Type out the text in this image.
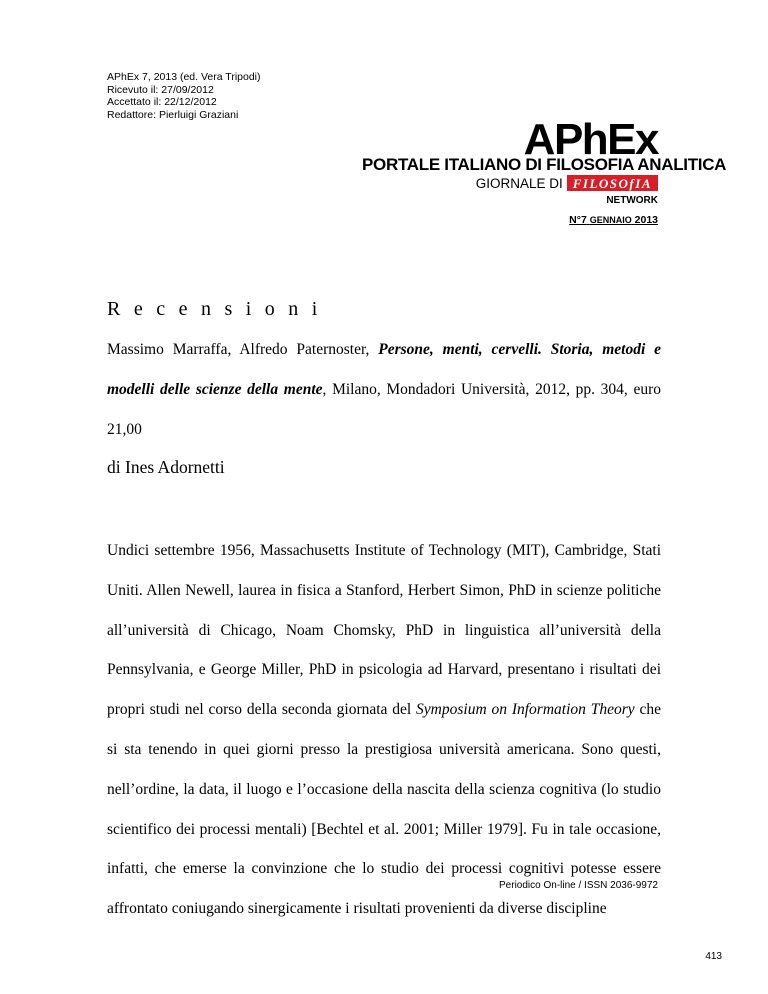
APhEx 7, 2013 (ed. Vera Tripodi)
Ricevuto il: 27/09/2012
Accettato il: 22/12/2012
Redattore: Pierluigi Graziani
APhEx
PORTALE ITALIANO DI FILOSOFIA ANALITICA
GIORNALE DI FILOSOfIA
NETWORK
N°7 GENNAIO 2013
Recensioni
Massimo Marraffa, Alfredo Paternoster, Persone, menti, cervelli. Storia, metodi e modelli delle scienze della mente, Milano, Mondadori Università, 2012, pp. 304, euro 21,00
di Ines Adornetti
Undici settembre 1956, Massachusetts Institute of Technology (MIT), Cambridge, Stati Uniti. Allen Newell, laurea in fisica a Stanford, Herbert Simon, PhD in scienze politiche all’università di Chicago, Noam Chomsky, PhD in linguistica all’università della Pennsylvania, e George Miller, PhD in psicologia ad Harvard, presentano i risultati dei propri studi nel corso della seconda giornata del Symposium on Information Theory che si sta tenendo in quei giorni presso la prestigiosa università americana. Sono questi, nell’ordine, la data, il luogo e l’occasione della nascita della scienza cognitiva (lo studio scientifico dei processi mentali) [Bechtel et al. 2001; Miller 1979]. Fu in tale occasione, infatti, che emerse la convinzione che lo studio dei processi cognitivi potesse essere affrontato coniugando sinergicamente i risultati provenienti da diverse discipline
Periodico On-line / ISSN 2036-9972
413
